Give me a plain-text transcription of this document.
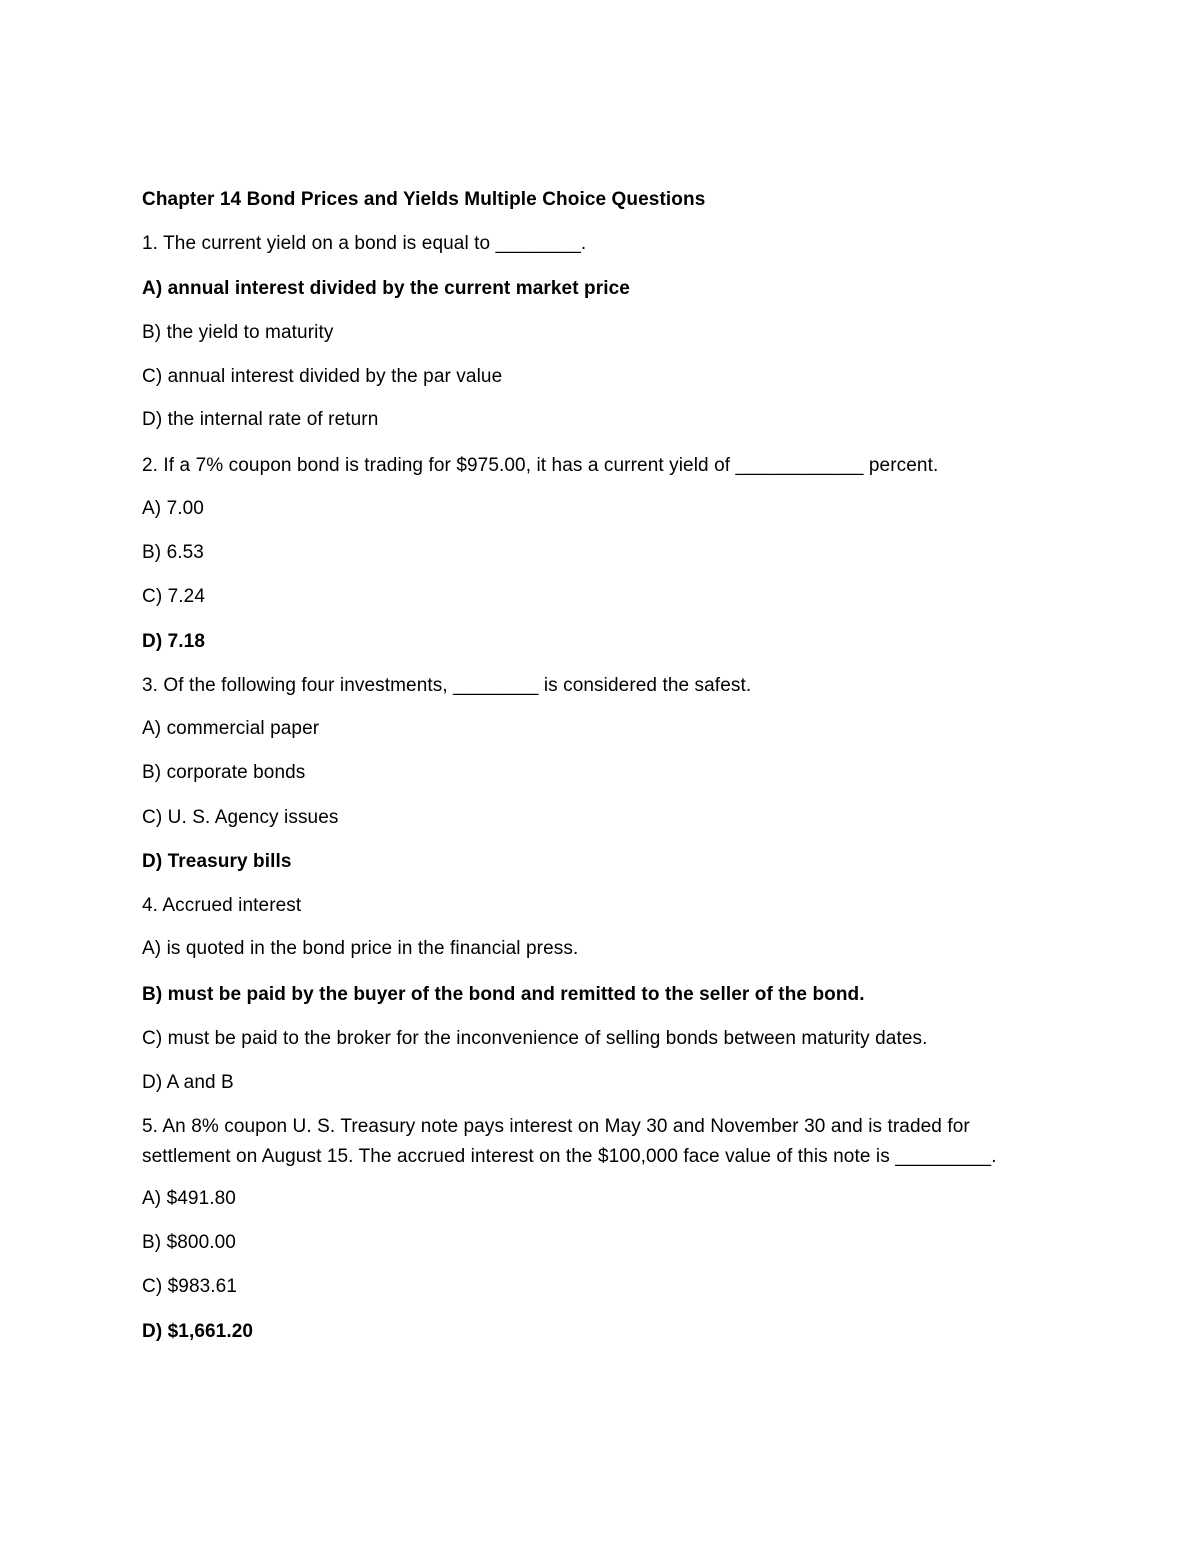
Chapter 14 Bond Prices and Yields Multiple Choice Questions
1. The current yield on a bond is equal to ________.
A) annual interest divided by the current market price
B) the yield to maturity
C) annual interest divided by the par value
D) the internal rate of return
2. If a 7% coupon bond is trading for $975.00, it has a current yield of ____________ percent.
A) 7.00
B) 6.53
C) 7.24
D) 7.18
3. Of the following four investments, ________ is considered the safest.
A) commercial paper
B) corporate bonds
C) U. S. Agency issues
D) Treasury bills
4. Accrued interest
A) is quoted in the bond price in the financial press.
B) must be paid by the buyer of the bond and remitted to the seller of the bond.
C) must be paid to the broker for the inconvenience of selling bonds between maturity dates.
D) A and B
5. An 8% coupon U. S. Treasury note pays interest on May 30 and November 30 and is traded for settlement on August 15. The accrued interest on the $100,000 face value of this note is _________.
A) $491.80
B) $800.00
C) $983.61
D) $1,661.20
